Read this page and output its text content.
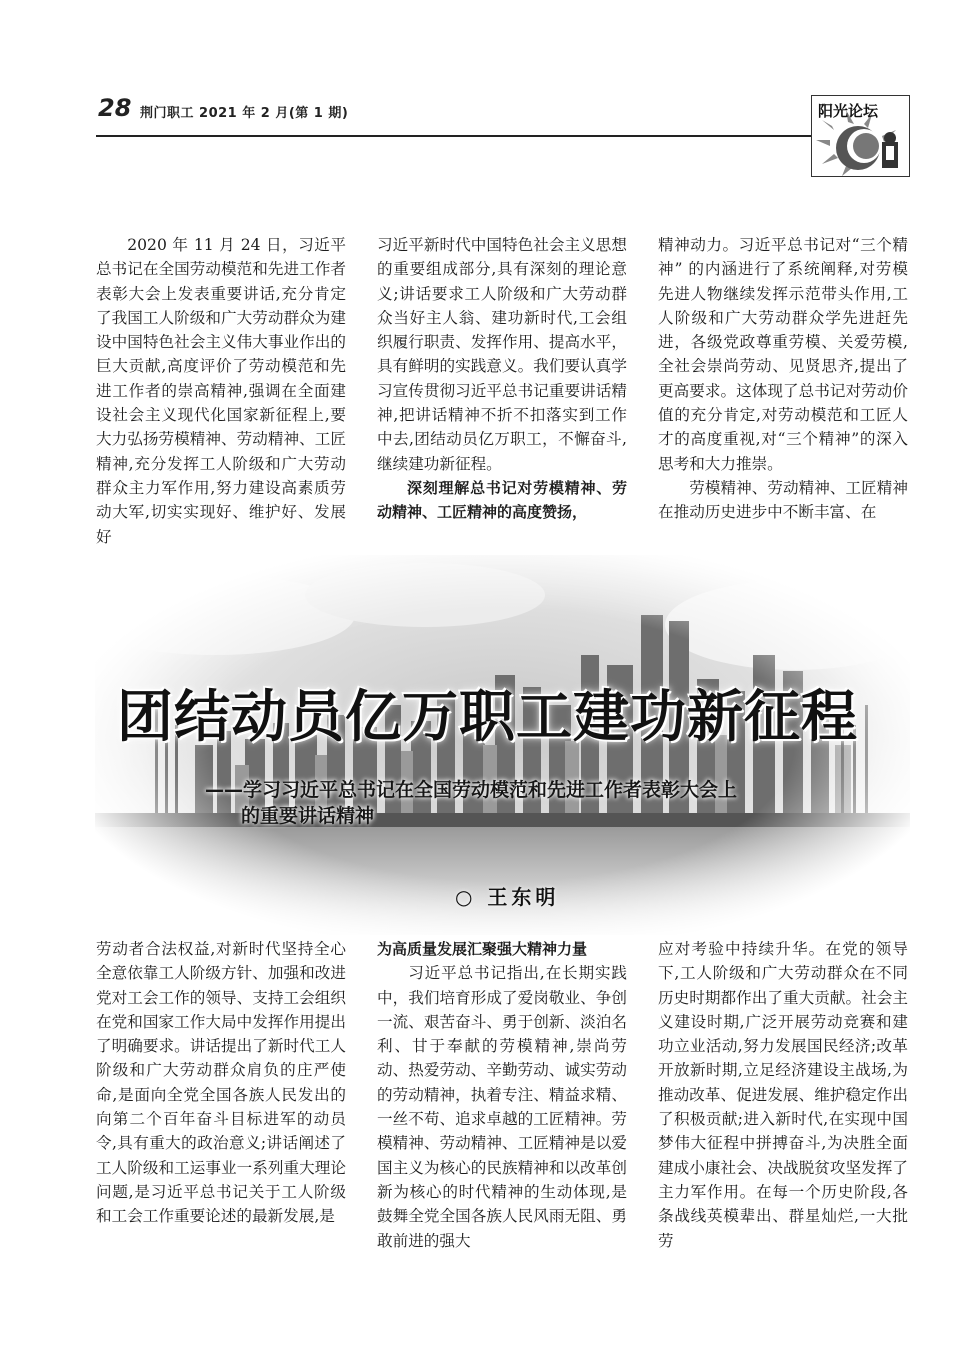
28 荆门职工 2021 年 2 月(第 1 期)	阳光论坛

2020 年 11 月 24 日，习近平总书记在全国劳动模范和先进工作者表彰大会上发表重要讲话,充分肯定了我国工人阶级和广大劳动群众为建设中国特色社会主义伟大事业作出的巨大贡献,高度评价了劳动模范和先进工作者的崇高精神,强调在全面建设社会主义现代化国家新征程上,要大力弘扬劳模精神、劳动精神、工匠精神,充分发挥工人阶级和广大劳动群众主力军作用,努力建设高素质劳动大军,切实实现好、维护好、发展好

习近平新时代中国特色社会主义思想的重要组成部分,具有深刻的理论意义;讲话要求工人阶级和广大劳动群众当好主人翁、建功新时代,工会组织履行职责、发挥作用、提高水平，具有鲜明的实践意义。我们要认真学习宣传贯彻习近平总书记重要讲话精神,把讲话精神不折不扣落实到工作中去,团结动员亿万职工，不懈奋斗,继续建功新征程。

深刻理解总书记对劳模精神、劳动精神、工匠精神的高度赞扬，

精神动力。习近平总书记对“三个精神” 的内涵进行了系统阐释,对劳模先进人物继续发挥示范带头作用,工人阶级和广大劳动群众学先进赶先进，各级党政尊重劳模、关爱劳模,全社会崇尚劳动、见贤思齐,提出了更高要求。这体现了总书记对劳动价值的充分肯定,对劳动模范和工匠人才的高度重视,对“三个精神”的深入思考和大力推崇。

劳模精神、劳动精神、工匠精神在推动历史进步中不断丰富、在

团结动员亿万职工建功新征程
——学习习近平总书记在全国劳动模范和先进工作者表彰大会上
的重要讲话精神
○ 王东明

劳动者合法权益,对新时代坚持全心全意依靠工人阶级方针、加强和改进党对工会工作的领导、支持工会组织在党和国家工作大局中发挥作用提出了明确要求。讲话提出了新时代工人阶级和广大劳动群众肩负的庄严使命,是面向全党全国各族人民发出的向第二个百年奋斗目标进军的动员令,具有重大的政治意义;讲话阐述了工人阶级和工运事业一系列重大理论问题,是习近平总书记关于工人阶级和工会工作重要论述的最新发展,是

为高质量发展汇聚强大精神力量

习近平总书记指出,在长期实践中，我们培育形成了爱岗敬业、争创一流、艰苦奋斗、勇于创新、淡泊名利、甘于奉献的劳模精神,崇尚劳动、热爱劳动、辛勤劳动、诚实劳动的劳动精神，执着专注、精益求精、一丝不苟、追求卓越的工匠精神。劳模精神、劳动精神、工匠精神是以爱国主义为核心的民族精神和以改革创新为核心的时代精神的生动体现,是鼓舞全党全国各族人民风雨无阻、勇敢前进的强大

应对考验中持续升华。在党的领导下,工人阶级和广大劳动群众在不同历史时期都作出了重大贡献。社会主义建设时期,广泛开展劳动竞赛和建功立业活动,努力发展国民经济;改革开放新时期,立足经济建设主战场,为推动改革、促进发展、维护稳定作出了积极贡献;进入新时代,在实现中国梦伟大征程中拼搏奋斗,为决胜全面建成小康社会、决战脱贫攻坚发挥了主力军作用。在每一个历史阶段,各条战线英模辈出、群星灿烂,一大批劳
